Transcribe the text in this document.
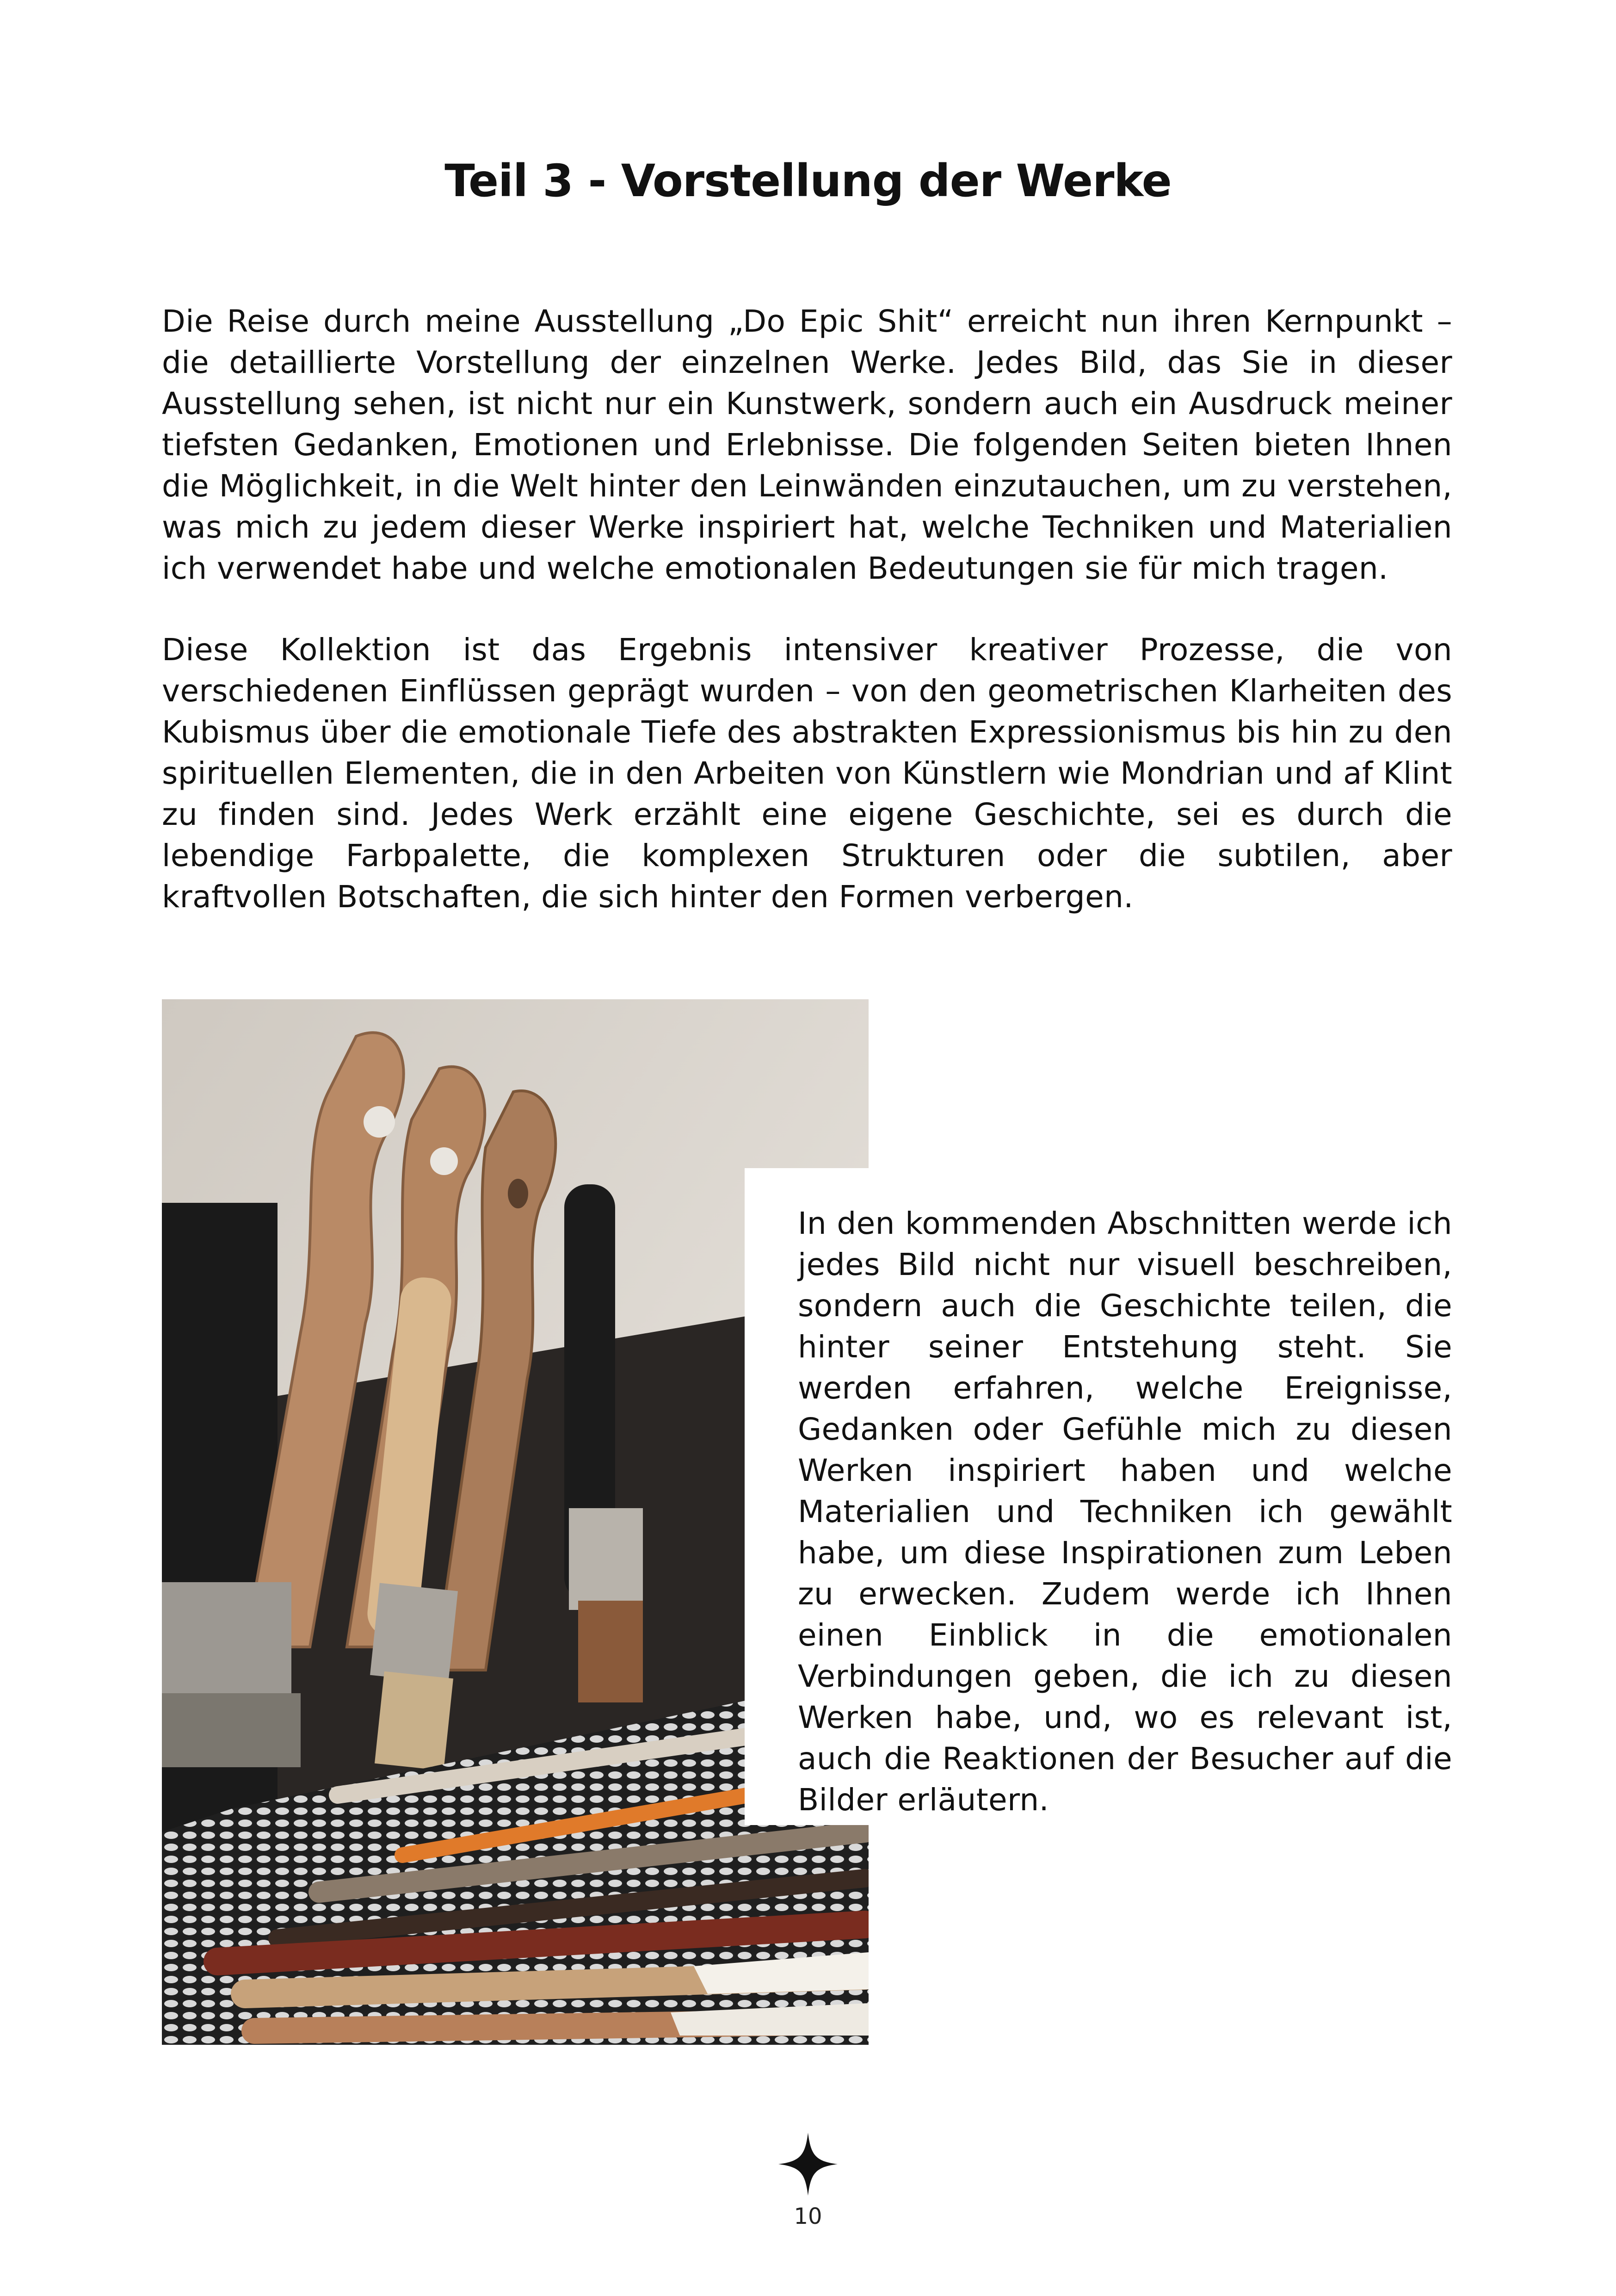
Teil 3 - Vorstellung der Werke

Die Reise durch meine Ausstellung „Do Epic Shit“ erreicht nun ihren Kernpunkt – die detaillierte Vorstellung der einzelnen Werke. Jedes Bild, das Sie in dieser Ausstellung sehen, ist nicht nur ein Kunstwerk, sondern auch ein Ausdruck meiner tiefsten Gedanken, Emotionen und Erlebnisse. Die folgenden Seiten bieten Ihnen die Möglichkeit, in die Welt hinter den Leinwänden einzutauchen, um zu verstehen, was mich zu jedem dieser Werke inspiriert hat, welche Techniken und Materialien ich verwendet habe und welche emotionalen Bedeutungen sie für mich tragen.

Diese Kollektion ist das Ergebnis intensiver kreativer Prozesse, die von verschiedenen Einflüssen geprägt wurden – von den geometrischen Klarheiten des Kubismus über die emotionale Tiefe des abstrakten Expressionismus bis hin zu den spirituellen Elementen, die in den Arbeiten von Künstlern wie Mondrian und af Klint zu finden sind. Jedes Werk erzählt eine eigene Geschichte, sei es durch die lebendige Farbpalette, die komplexen Strukturen oder die subtilen, aber kraftvollen Botschaften, die sich hinter den Formen verbergen.

In den kommenden Abschnitten werde ich jedes Bild nicht nur visuell beschreiben, sondern auch die Geschichte teilen, die hinter seiner Entstehung steht. Sie werden erfahren, welche Ereignisse, Gedanken oder Gefühle mich zu diesen Werken inspiriert haben und welche Materialien und Techniken ich gewählt habe, um diese Inspirationen zum Leben zu erwecken. Zudem werde ich Ihnen einen Einblick in die emotionalen Verbindungen geben, die ich zu diesen Werken habe, und, wo es relevant ist, auch die Reaktionen der Besucher auf die Bilder erläutern.

10
